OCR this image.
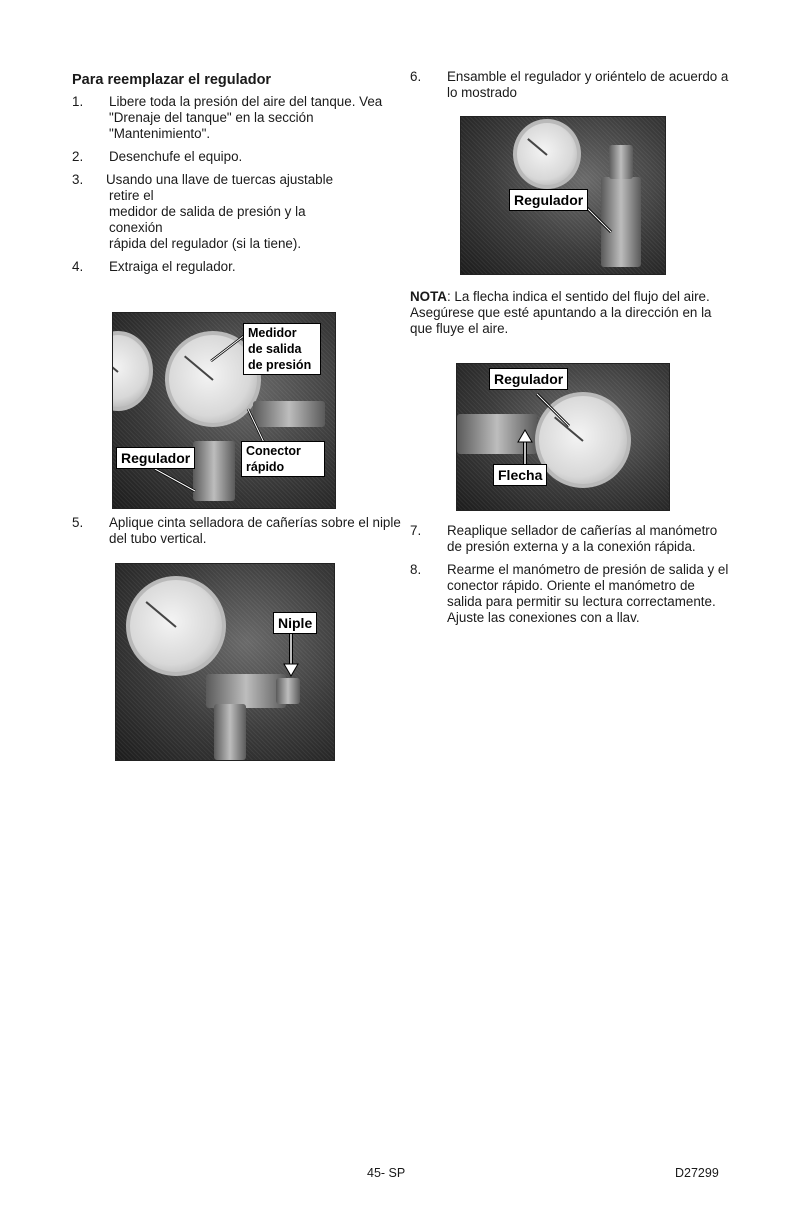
Para reemplazar el regulador
1. Libere toda la presión del aire del tanque. Vea "Drenaje del tanque" en la sección "Mantenimiento".
2. Desenchufe el equipo.
3. Usando una llave de tuercas ajustable
retire el
medidor de salida de presión y la
conexión
rápida del regulador (si la tiene).
4. Extraiga el regulador.
Medidor
de salida
de presión
Regulador	Conector
rápido
5. Aplique cinta selladora de cañerías sobre el niple del tubo vertical.
Niple
6. Ensamble el regulador y oriéntelo de acuerdo a lo mostrado
Regulador

NOTA: La flecha indica el sentido del flujo del aire. Asegúrese que esté apuntando a la dirección en la que fluye el aire.

Regulador
Flecha
7. Reaplique sellador de cañerías al manómetro de presión externa y a la conexión rápida.
8. Rearme el manómetro de presión de salida y el conector rápido. Oriente el manómetro de salida para permitir su lectura correctamente. Ajuste las conexiones con a llav.
45- SP	D27299
